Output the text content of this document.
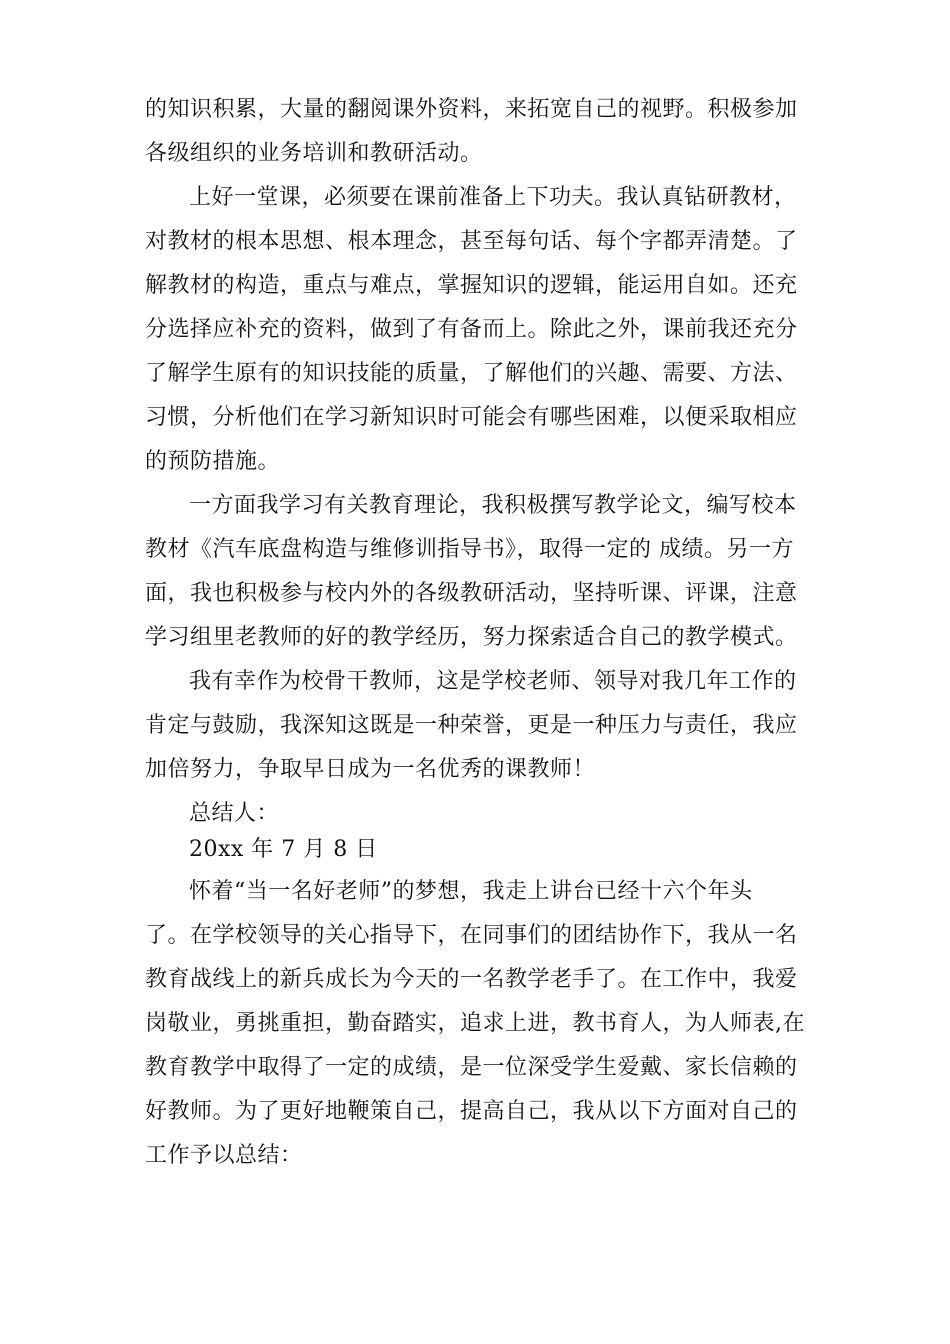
的知识积累，大量的翻阅课外资料，来拓宽自己的视野。积极参加
各级组织的业务培训和教研活动。
上好一堂课，必须要在课前准备上下功夫。我认真钻研教材，
对教材的根本思想、根本理念，甚至每句话、每个字都弄清楚。了
解教材的构造，重点与难点，掌握知识的逻辑，能运用自如。还充
分选择应补充的资料，做到了有备而上。除此之外，课前我还充分
了解学生原有的知识技能的质量，了解他们的兴趣、需要、方法、
习惯，分析他们在学习新知识时可能会有哪些困难，以便采取相应
的预防措施。
一方面我学习有关教育理论，我积极撰写教学论文，编写校本
教材《汽车底盘构造与维修训指导书》，取得一定的 成绩。另一方
面，我也积极参与校内外的各级教研活动，坚持听课、评课，注意
学习组里老教师的好的教学经历，努力探索适合自己的教学模式。
我有幸作为校骨干教师，这是学校老师、领导对我几年工作的
肯定与鼓励，我深知这既是一种荣誉，更是一种压力与责任，我应
加倍努力，争取早日成为一名优秀的课教师！
总结人：
20xx 年 7 月 8 日
怀着“当一名好老师”的梦想，我走上讲台已经十六个年头
了。在学校领导的关心指导下，在同事们的团结协作下，我从一名
教育战线上的新兵成长为今天的一名教学老手了。在工作中，我爱
岗敬业，勇挑重担，勤奋踏实，追求上进，教书育人，为人师表,在
教育教学中取得了一定的成绩，是一位深受学生爱戴、家长信赖的
好教师。为了更好地鞭策自己，提高自己，我从以下方面对自己的
工作予以总结：
